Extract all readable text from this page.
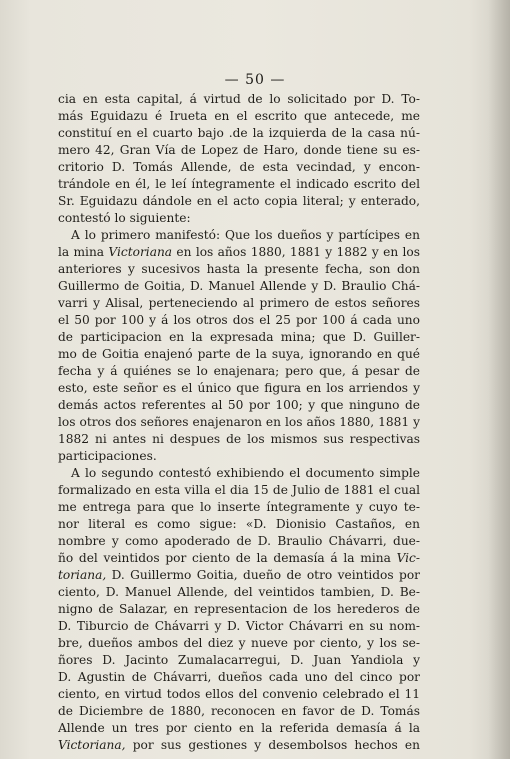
— 50 —
cia en esta capital, á virtud de lo solicitado por D. To-
más Eguidazu é Irueta en el escrito que antecede, me
constituí en el cuarto bajo .de la izquierda de la casa nú-
mero 42, Gran Vía de Lopez de Haro, donde tiene su es-
critorio D. Tomás Allende, de esta vecindad, y encon-
trándole en él, le leí íntegramente el indicado escrito del
Sr. Eguidazu dándole en el acto copia literal; y enterado,
contestó lo siguiente:
A lo primero manifestó: Que los dueños y partícipes en
la mina Victoriana en los años 1880, 1881 y 1882 y en los
anteriores y sucesivos hasta la presente fecha, son don
Guillermo de Goitia, D. Manuel Allende y D. Braulio Chá-
varri y Alisal, perteneciendo al primero de estos señores
el 50 por 100 y á los otros dos el 25 por 100 á cada uno
de participacion en la expresada mina; que D. Guiller-
mo de Goitia enajenó parte de la suya, ignorando en qué
fecha y á quiénes se lo enajenara; pero que, á pesar de
esto, este señor es el único que figura en los arriendos y
demás actos referentes al 50 por 100; y que ninguno de
los otros dos señores enajenaron en los años 1880, 1881 y
1882 ni antes ni despues de los mismos sus respectivas
participaciones.
A lo segundo contestó exhibiendo el documento simple
formalizado en esta villa el dia 15 de Julio de 1881 el cual
me entrega para que lo inserte íntegramente y cuyo te-
nor literal es como sigue: «D. Dionisio Castaños, en
nombre y como apoderado de D. Braulio Chávarri, due-
ño del veintidos por ciento de la demasía á la mina Vic-
toriana, D. Guillermo Goitia, dueño de otro veintidos por
ciento, D. Manuel Allende, del veintidos tambien, D. Be-
nigno de Salazar, en representacion de los herederos de
D. Tiburcio de Chávarri y D. Victor Chávarri en su nom-
bre, dueños ambos del diez y nueve por ciento, y los se-
ñores D. Jacinto Zumalacarregui, D. Juan Yandiola y
D. Agustin de Chávarri, dueños cada uno del cinco por
ciento, en virtud todos ellos del convenio celebrado el 11
de Diciembre de 1880, reconocen en favor de D. Tomás
Allende un tres por ciento en la referida demasía á la
Victoriana, por sus gestiones y desembolsos hechos en
